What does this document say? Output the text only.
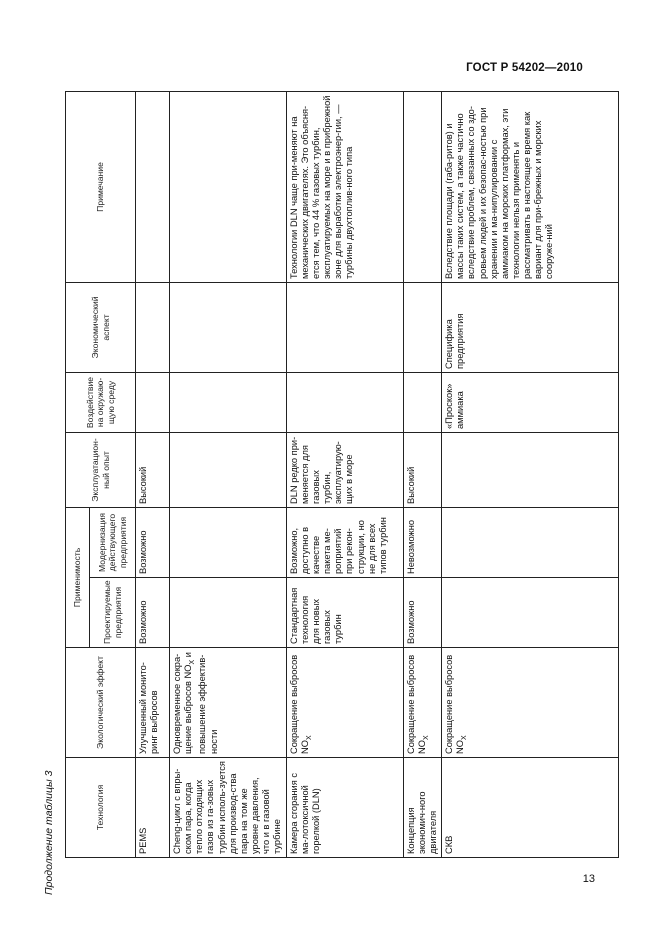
ГОСТ Р 54202—2010
Продолжение таблицы 3	Технология	Экологический эффект	Применимость		Эксплуатацион-ный опыт	Воздействие на окружаю-щую среду	Экономический аспект	Примечание
		Проектируемые предприятия	Модернизация действующего предприятия				
PEMS	Улучшенный монито-ринг выбросов	Возможно	Возможно	Высокий			
Cheng-цикл с впры-ском пара, когда тепло отходящих газов из га-зовых турбин исполь-зуется для производ-ства пара на том же уровне давления, что и в газовой турбине	Одновременное сокра-щение выбросов $NO_X$ и повышение эффектив-ности						
Камера сгорания с ма-лотоксичной горелкой (DLN)	Сокращение выбросов $NO_X$	Стандартная технология для новых газовых турбин	Возможно, доступно в качестве пакета ме-роприятий при рекон-струкции, но не для всех типов турбин	DLN редко при-меняется для газовых турбин, эксплуатирую-щих в море			Технологии DLN чаще при-меняют на механических двигателях. Это объясня-ется тем, что 44 % газовых турбин, эксплуатируемых на море и в прибрежной зоне для выработки электроэнер-гии, — турбины двухтоплив-ного типа
Концепция экономич-ного двигателя	Сокращение выбросов $NO_X$	Возможно	Невозможно	Высокий			
СКВ	Сокращение выбросов $NO_X$				«Проскок» аммиака	Специфика предприятия	Вследствие площади (габа-ритов) и массы таких систем, а также частично вследствие проблем, связанных со здо-ровьем людей и их безопас-ностью при хранении и ма-нипулировании с аммиаком на морских платформах, эти технологии нельзя применять и рассматривать в настоящее время как вариант для при-брежных и морских сооруже-ний
13
